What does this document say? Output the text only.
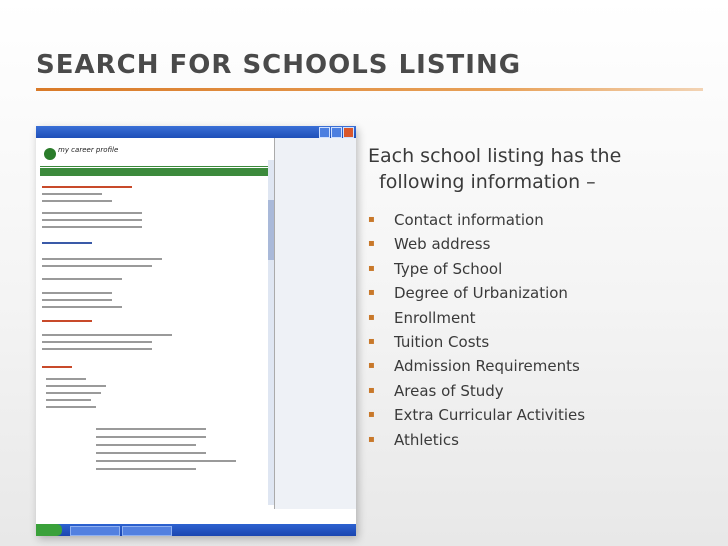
SEARCH FOR SCHOOLS LISTING
my career profile	Each school listing has the
following information –
▪ Contact information
▪ Web address
▪ Type of School
▪ Degree of Urbanization
▪ Enrollment
▪ Tuition Costs
▪ Admission Requirements
▪ Areas of Study
▪ Extra Curricular Activities
▪ Athletics
